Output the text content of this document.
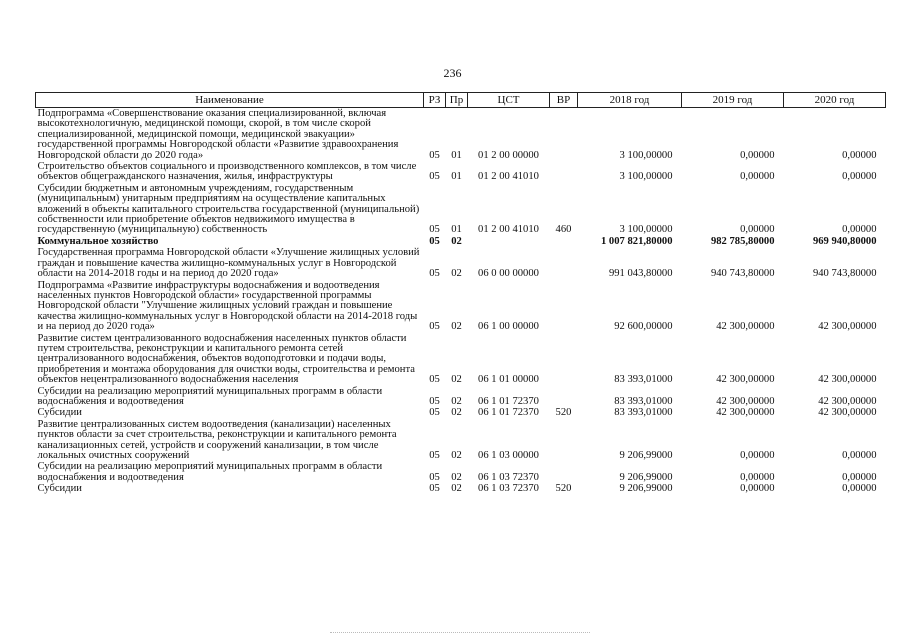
236
Наименование	РЗ	Пр	ЦСТ	ВР	2018 год	2019 год	2020 год
Подпрограмма «Совершенствование оказания специализированной, включая высокотехнологичную, медицинской помощи, скорой, в том числе скорой специализированной, медицинской помощи, медицинской эвакуации» государственной программы Новгородской области «Развитие здравоохранения Новгородской области до 2020 года»	05	01	01 2 00 00000		3 100,00000	0,00000	0,00000
Строительство объектов социального и производственного комплексов, в том числе объектов общегражданского назначения, жилья, инфраструктуры	05	01	01 2 00 41010		3 100,00000	0,00000	0,00000
Субсидии бюджетным и автономным учреждениям, государственным (муниципальным) унитарным предприятиям на осуществление капитальных вложений в объекты капитального строительства государственной (муниципальной) собственности или приобретение объектов недвижимого имущества в государственную (муниципальную) собственность	05	01	01 2 00 41010	460	3 100,00000	0,00000	0,00000
Коммунальное хозяйство	05	02			1 007 821,80000	982 785,80000	969 940,80000
Государственная программа Новгородской области «Улучшение жилищных условий граждан и повышение качества жилищно-коммунальных услуг в Новгородской области на 2014-2018 годы и на период до 2020 года»	05	02	06 0 00 00000		991 043,80000	940 743,80000	940 743,80000
Подпрограмма «Развитие инфраструктуры водоснабжения и водоотведения населенных пунктов Новгородской области» государственной программы Новгородской области "Улучшение жилищных условий граждан и повышение качества жилищно-коммунальных услуг в Новгородской области на 2014-2018 годы и на период до 2020 года»	05	02	06 1 00 00000		92 600,00000	42 300,00000	42 300,00000
Развитие систем централизованного водоснабжения населенных пунктов области путем строительства, реконструкции и капитального ремонта сетей централизованного водоснабжения, объектов водоподготовки и подачи воды, приобретения и монтажа оборудования для очистки воды, строительства и ремонта объектов нецентрализованного водоснабжения населения	05	02	06 1 01 00000		83 393,01000	42 300,00000	42 300,00000
Субсидии на реализацию мероприятий муниципальных программ в области водоснабжения и водоотведения	05	02	06 1 01 72370		83 393,01000	42 300,00000	42 300,00000
Субсидии	05	02	06 1 01 72370	520	83 393,01000	42 300,00000	42 300,00000
Развитие централизованных систем водоотведения (канализации) населенных пунктов области за счет строительства, реконструкции и капитального ремонта канализационных сетей, устройств и сооружений канализации, в том числе локальных очистных сооружений	05	02	06 1 03 00000		9 206,99000	0,00000	0,00000
Субсидии на реализацию мероприятий муниципальных программ в области водоснабжения и водоотведения	05	02	06 1 03 72370		9 206,99000	0,00000	0,00000
Субсидии	05	02	06 1 03 72370	520	9 206,99000	0,00000	0,00000
